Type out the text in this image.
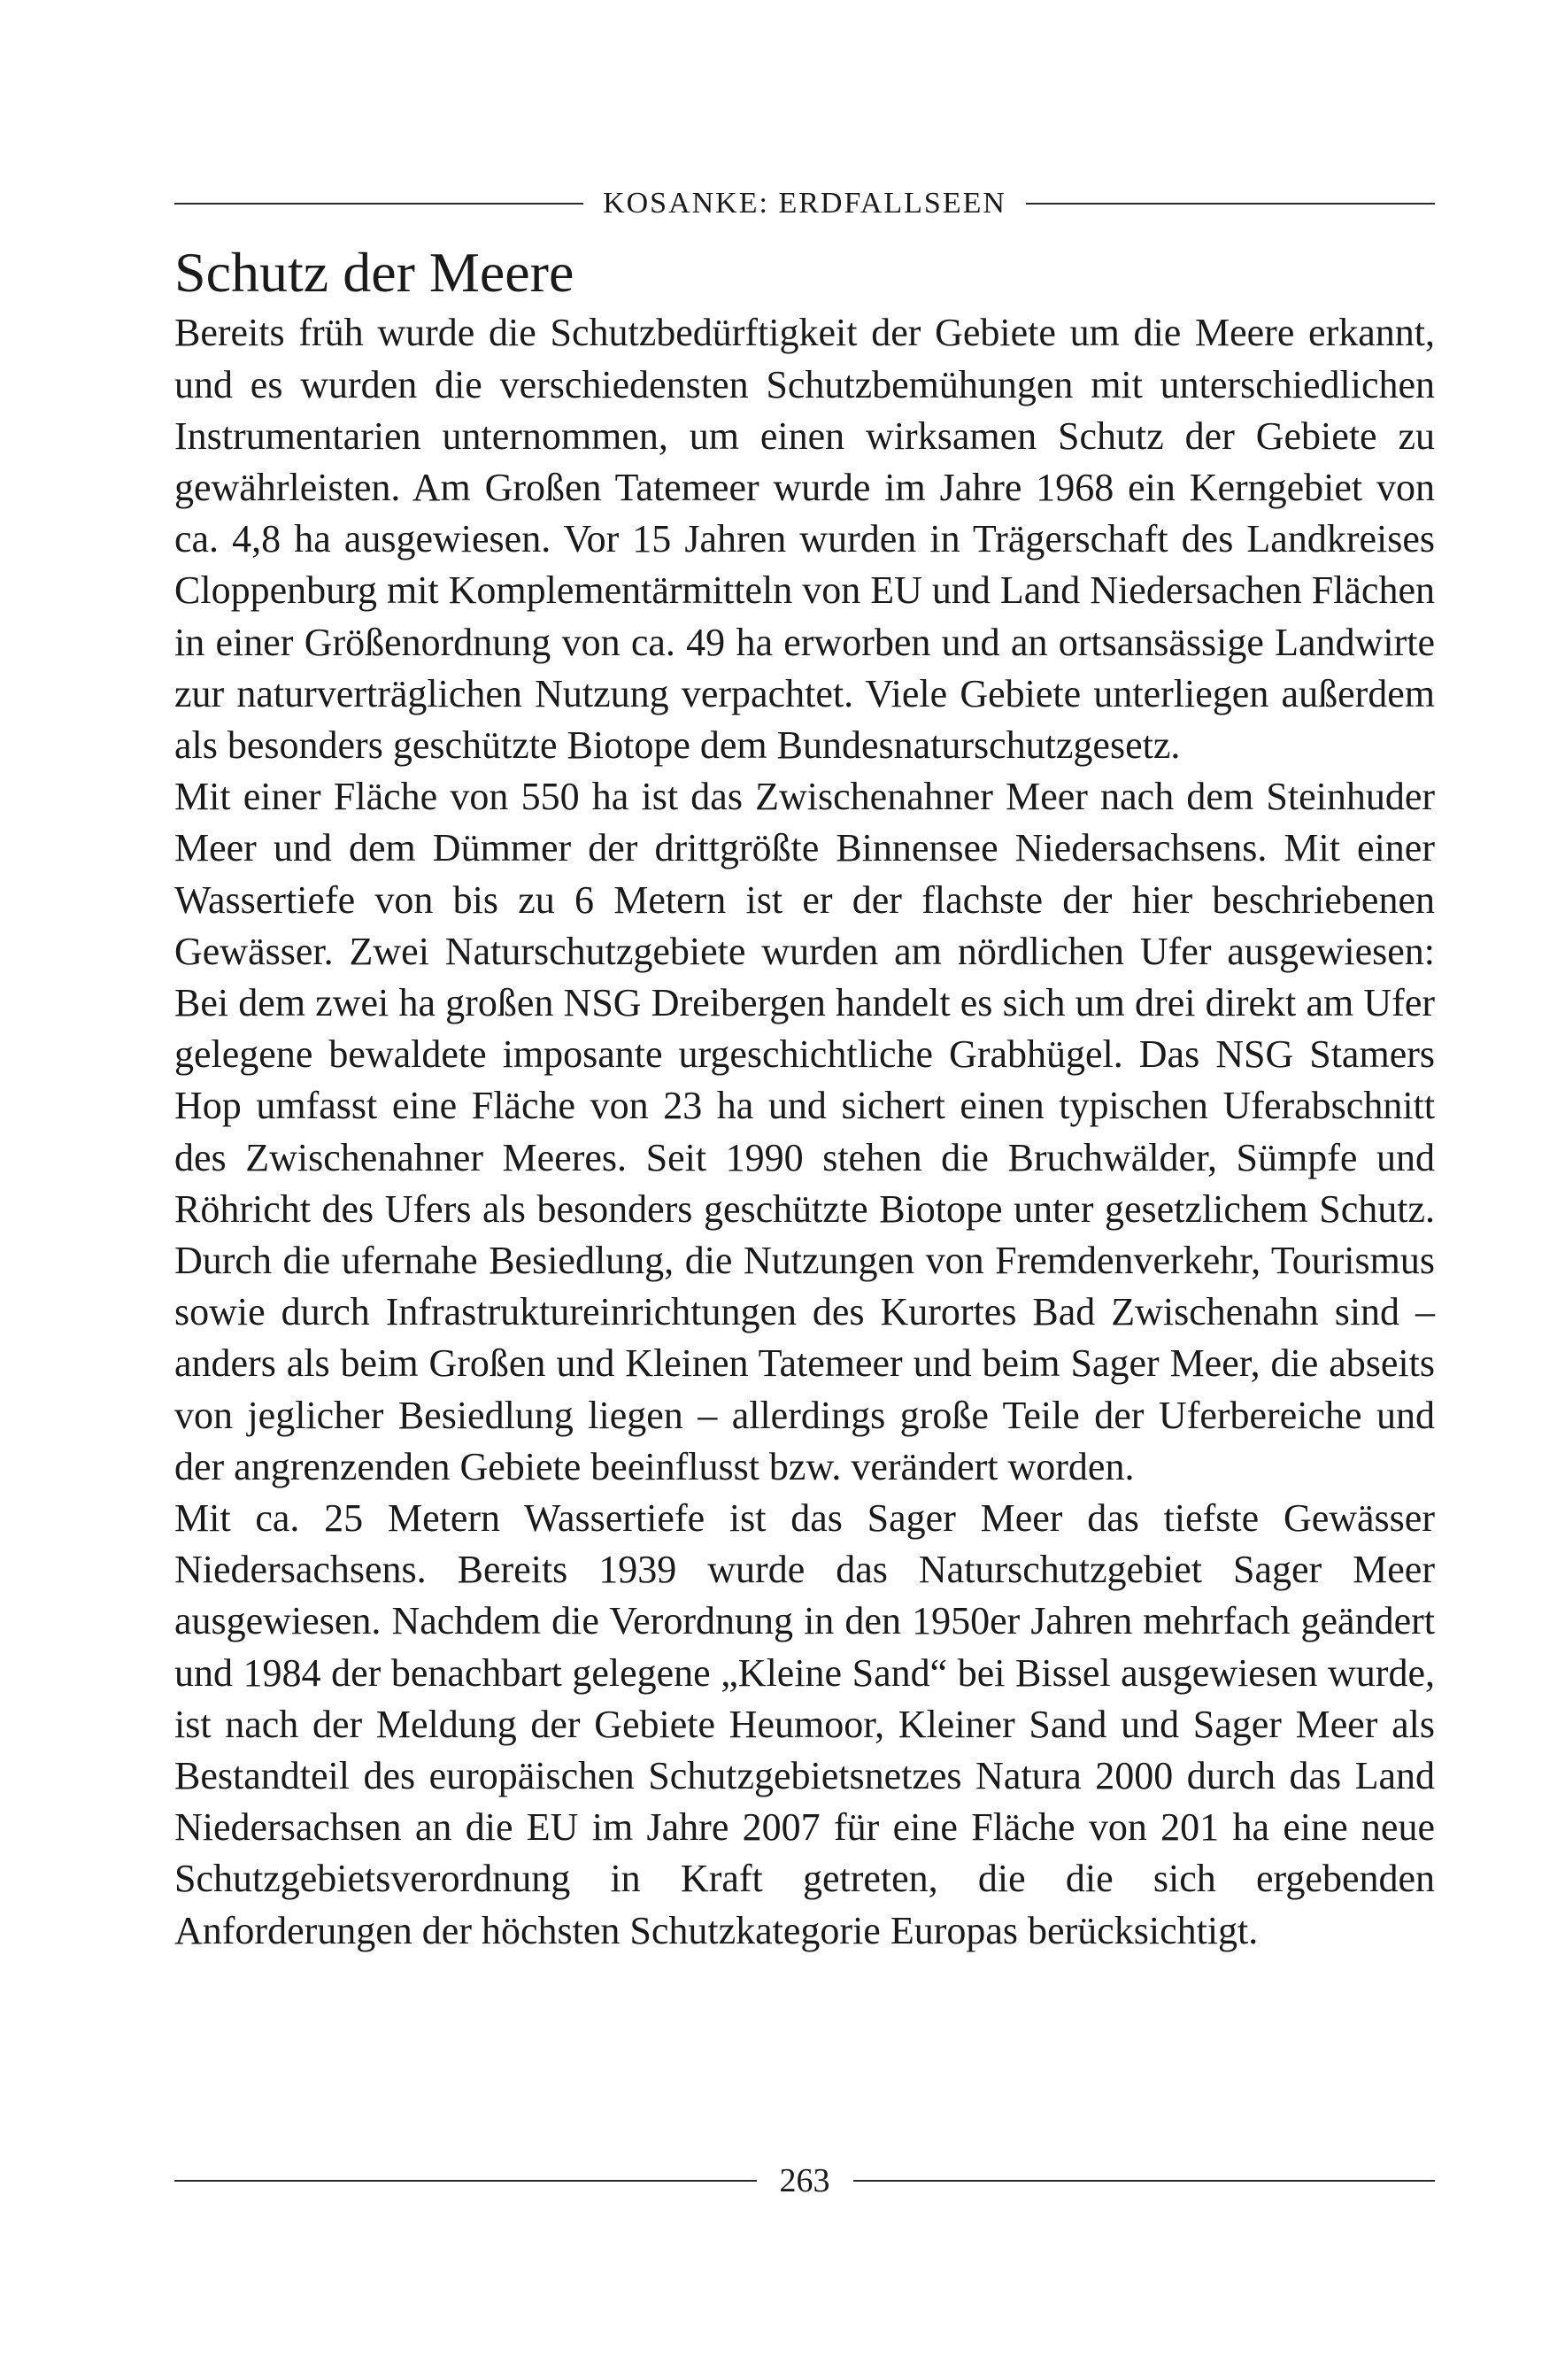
KOSANKE: ERDFALLSEEN
Schutz der Meere

Bereits früh wurde die Schutzbedürftigkeit der Gebiete um die Meere erkannt, und es wurden die verschiedensten Schutzbemühungen mit unterschiedlichen Instrumentarien unternommen, um einen wirksamen Schutz der Gebiete zu gewährleisten. Am Großen Tatemeer wurde im Jahre 1968 ein Kerngebiet von ca. 4,8 ha ausgewiesen. Vor 15 Jahren wurden in Trägerschaft des Landkreises Cloppenburg mit Komplementärmitteln von EU und Land Niedersachen Flächen in einer Größenordnung von ca. 49 ha erworben und an ortsansässige Landwirte zur naturverträglichen Nutzung verpachtet. Viele Gebiete unterliegen außerdem als besonders geschützte Biotope dem Bundesnaturschutzgesetz.

Mit einer Fläche von 550 ha ist das Zwischenahner Meer nach dem Steinhuder Meer und dem Dümmer der drittgrößte Binnensee Niedersachsens. Mit einer Wassertiefe von bis zu 6 Metern ist er der flachste der hier beschriebenen Gewässer. Zwei Naturschutzgebiete wurden am nördlichen Ufer ausgewiesen: Bei dem zwei ha großen NSG Dreibergen handelt es sich um drei direkt am Ufer gelegene bewaldete imposante urgeschichtliche Grabhügel. Das NSG Stamers Hop umfasst eine Fläche von 23 ha und sichert einen typischen Uferabschnitt des Zwischenahner Meeres. Seit 1990 stehen die Bruchwälder, Sümpfe und Röhricht des Ufers als besonders geschützte Biotope unter gesetzlichem Schutz. Durch die ufernahe Besiedlung, die Nutzungen von Fremdenverkehr, Tourismus sowie durch Infrastruktureinrichtungen des Kurortes Bad Zwischenahn sind – anders als beim Großen und Kleinen Tatemeer und beim Sager Meer, die abseits von jeglicher Besiedlung liegen – allerdings große Teile der Uferbereiche und der angrenzenden Gebiete beeinflusst bzw. verändert worden.

Mit ca. 25 Metern Wassertiefe ist das Sager Meer das tiefste Gewässer Niedersachsens. Bereits 1939 wurde das Naturschutzgebiet Sager Meer ausgewiesen. Nachdem die Verordnung in den 1950er Jahren mehrfach geändert und 1984 der benachbart gelegene „Kleine Sand“ bei Bissel ausgewiesen wurde, ist nach der Meldung der Gebiete Heumoor, Kleiner Sand und Sager Meer als Bestandteil des europäischen Schutzgebietsnetzes Natura 2000 durch das Land Niedersachsen an die EU im Jahre 2007 für eine Fläche von 201 ha eine neue Schutzgebietsverordnung in Kraft getreten, die die sich ergebenden Anforderungen der höchsten Schutzkategorie Europas berücksichtigt.

263
